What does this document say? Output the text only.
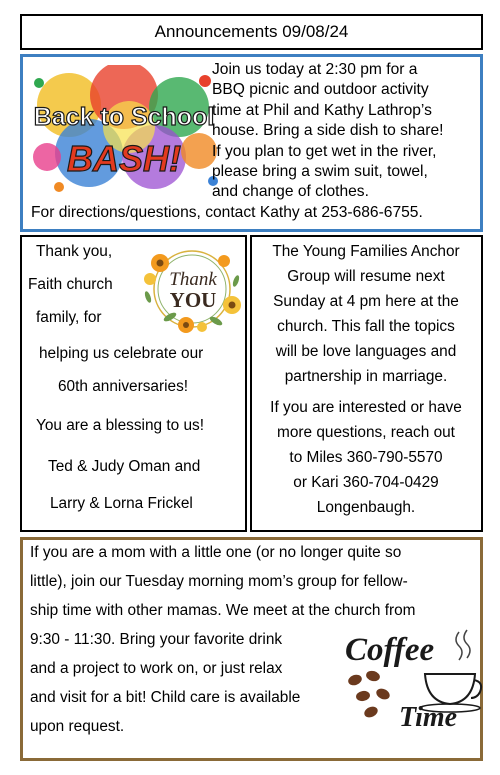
Announcements 09/08/24
Back to School
BASH!
Join us today at 2:30 pm for a
BBQ picnic and outdoor activity
time at Phil and Kathy Lathrop’s
house. Bring a side dish to share!
If you plan to get wet in the river,
please bring a swim suit, towel,
and change of clothes.
For directions/questions, contact Kathy at 253-686-6755.
Thank you,
Faith church
family, for
helping us celebrate our
60th anniversaries!
You are a blessing to us!
Ted & Judy Oman and
Larry & Lorna Frickel
Thank
YOU
The Young Families Anchor
Group will resume next
Sunday at 4 pm here at the
church. This fall the topics
will be love languages and
partnership in marriage.
If you are interested or have
more questions, reach out
to Miles 360-790-5570
or Kari 360-704-0429
Longenbaugh.
If you are a mom with a little one (or no longer quite so
little), join our Tuesday morning mom’s group for fellow-
ship time with other mamas. We meet at the church from
9:30 - 11:30. Bring your favorite drink
and a project to work on, or just relax
and visit for a bit! Child care is available
upon request.
Coffee
Time
